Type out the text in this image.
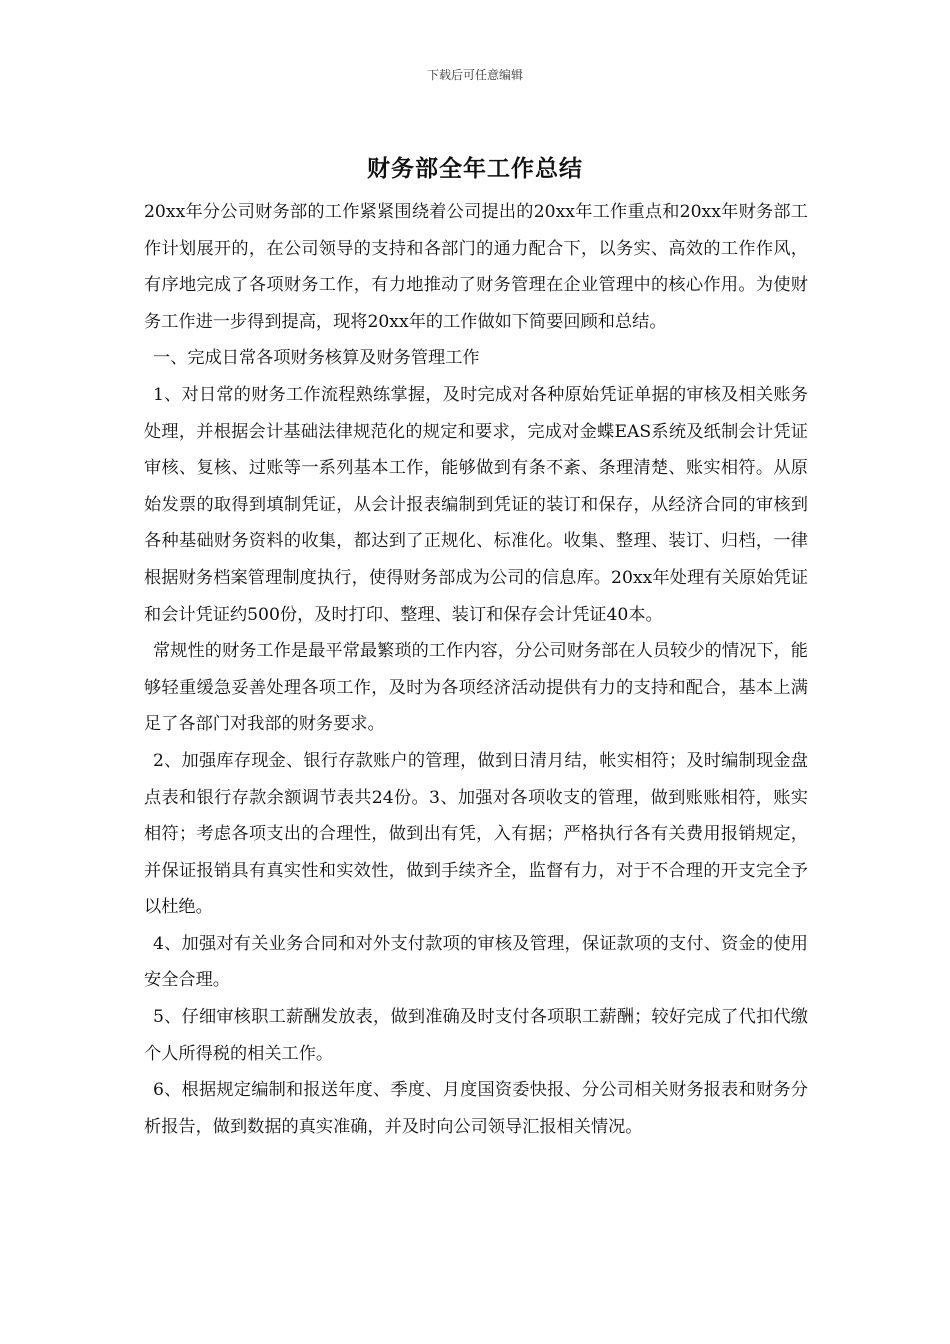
下载后可任意编辑
财务部全年工作总结

20xx年分公司财务部的工作紧紧围绕着公司提出的20xx年工作重点和20xx年财务部工作计划展开的，在公司领导的支持和各部门的通力配合下，以务实、高效的工作作风，有序地完成了各项财务工作，有力地推动了财务管理在企业管理中的核心作用。为使财务工作进一步得到提高，现将20xx年的工作做如下简要回顾和总结。

一、完成日常各项财务核算及财务管理工作

1、对日常的财务工作流程熟练掌握，及时完成对各种原始凭证单据的审核及相关账务处理，并根据会计基础法律规范化的规定和要求，完成对金蝶EAS系统及纸制会计凭证审核、复核、过账等一系列基本工作，能够做到有条不紊、条理清楚、账实相符。从原始发票的取得到填制凭证，从会计报表编制到凭证的装订和保存，从经济合同的审核到各种基础财务资料的收集，都达到了正规化、标准化。收集、整理、装订、归档，一律根据财务档案管理制度执行，使得财务部成为公司的信息库。20xx年处理有关原始凭证和会计凭证约500份，及时打印、整理、装订和保存会计凭证40本。

常规性的财务工作是最平常最繁琐的工作内容，分公司财务部在人员较少的情况下，能够轻重缓急妥善处理各项工作，及时为各项经济活动提供有力的支持和配合，基本上满足了各部门对我部的财务要求。

2、加强库存现金、银行存款账户的管理，做到日清月结，帐实相符；及时编制现金盘点表和银行存款余额调节表共24份。3、加强对各项收支的管理，做到账账相符，账实相符；考虑各项支出的合理性，做到出有凭，入有据；严格执行各有关费用报销规定，并保证报销具有真实性和实效性，做到手续齐全，监督有力，对于不合理的开支完全予以杜绝。

4、加强对有关业务合同和对外支付款项的审核及管理，保证款项的支付、资金的使用安全合理。

5、仔细审核职工薪酬发放表，做到准确及时支付各项职工薪酬；较好完成了代扣代缴个人所得税的相关工作。

6、根据规定编制和报送年度、季度、月度国资委快报、分公司相关财务报表和财务分析报告，做到数据的真实准确，并及时向公司领导汇报相关情况。
